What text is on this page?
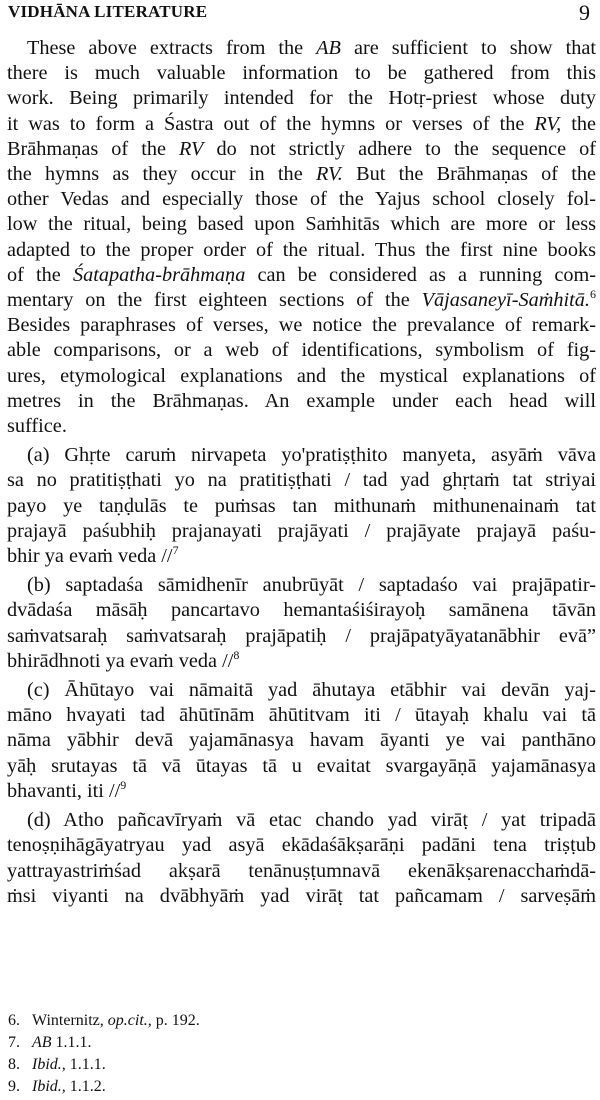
VIDHĀNA LITERATURE	9

These above extracts from the AB are sufficient to show that

there is much valuable information to be gathered from this

work. Being primarily intended for the Hotṛ-priest whose duty

it was to form a Śastra out of the hymns or verses of the RV, the

Brāhmaṇas of the RV do not strictly adhere to the sequence of

the hymns as they occur in the RV. But the Brāhmaṇas of the

other Vedas and especially those of the Yajus school closely fol-

low the ritual, being based upon Saṁhitās which are more or less

adapted to the proper order of the ritual. Thus the first nine books

of the Śatapatha-brāhmaṇa can be considered as a running com-

mentary on the first eighteen sections of the Vājasaneyī-Saṁhitā.$^6$

Besides paraphrases of verses, we notice the prevalance of remark-

able comparisons, or a web of identifications, symbolism of fig-

ures, etymological explanations and the mystical explanations of

metres in the Brāhmaṇas. An example under each head will

suffice.

(a) Ghṛte caruṁ nirvapeta yo'pratiṣṭhito manyeta, asyāṁ vāva

sa no pratitiṣṭhati yo na pratitiṣṭhati / tad yad ghṛtaṁ tat striyai

payo ye taṇḍulās te puṁsas tan mithunaṁ mithunenainaṁ tat

prajayā paśubhiḥ prajanayati prajāyati / prajāyate prajayā paśu-

bhir ya evaṁ veda //$^7$

(b) saptadaśa sāmidhenīr anubrūyāt / saptadaśo vai prajāpatir-

dvādaśa māsāḥ pancartavo hemantaśiśirayoḥ samānena tāvān

saṁvatsaraḥ saṁvatsaraḥ prajāpatiḥ / prajāpatyāyatanābhir evā”

bhirādhnoti ya evaṁ veda //$^8$

(c) Āhūtayo vai nāmaitā yad āhutaya etābhir vai devān yaj-

māno hvayati tad āhūtīnām āhūtitvam iti / ūtayaḥ khalu vai tā

nāma yābhir devā yajamānasya havam āyanti ye vai panthāno

yāḥ srutayas tā vā ūtayas tā u evaitat svargayāṇā yajamānasya

bhavanti, iti //$^9$

(d) Atho pañcavīryaṁ vā etac chando yad virāṭ / yat tripadā

tenoṣṇihāgāyatryau yad asyā ekādaśākṣarāṇi padāni tena triṣṭub

yattrayastriṁśad akṣarā tenānuṣṭumnavā ekenākṣarenacchaṁdā-

ṁsi viyanti na dvābhyāṁ yad virāṭ tat pañcamam / sarveṣāṁ

6. Winternitz, op.cit., p. 192.
7. AB 1.1.1.
8. Ibid., 1.1.1.
9. Ibid., 1.1.2.
